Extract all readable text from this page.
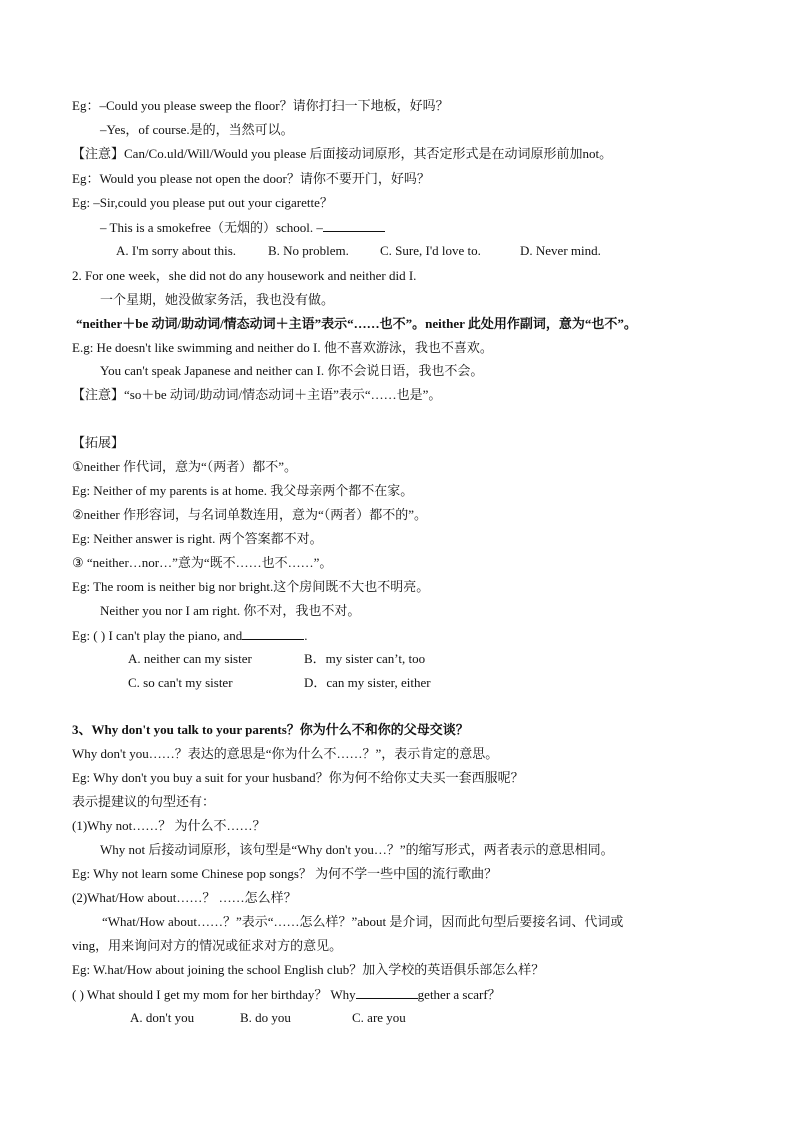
Eg：–Could you please sweep the floor？请你打扫一下地板，好吗？
–Yes，of course.是的，当然可以。
【注意】Can/Co.uld/Will/Would you please 后面接动词原形，其否定形式是在动词原形前加not。
Eg：Would you please not open the door？请你不要开门，好吗？
Eg: –Sir,could you please put out your cigarette？
– This is a smokefree（无烟的）school. –
A. I'm sorry about this. B. No problem. C. Sure, I'd love to.	D. Never mind.
2. For one week，she did not do any housework and neither did I.
一个星期，她没做家务活，我也没有做。
“neither＋be 动词/助动词/情态动词＋主语”表示“……也不”。neither 此处用作副词，意为“也不”。
E.g: He doesn't like swimming and neither do I. 他不喜欢游泳，我也不喜欢。
You can't speak Japanese and neither can I. 你不会说日语，我也不会。
【注意】“so＋be 动词/助动词/情态动词＋主语”表示“……也是”。
【拓展】
①neither 作代词，意为“（两者）都不”。
Eg: Neither of my parents is at home. 我父母亲两个都不在家。
②neither 作形容词，与名词单数连用，意为“（两者）都不的”。
Eg: Neither answer is right. 两个答案都不对。
③ “neither…nor…”意为“既不……也不……”。
Eg: The room is neither big nor bright.这个房间既不大也不明亮。
Neither you nor I am right. 你不对，我也不对。
Eg: ( ) I can't play the piano, and	.
A. neither can my sister	B．my sister can’t, too
C. so can't my sister	D．can my sister, either
3、Why don't you talk to your parents？你为什么不和你的父母交谈？
Why don't you……？表达的意思是“你为什么不……？”，表示肯定的意思。
Eg: Why don't you buy a suit for your husband？你为何不给你丈夫买一套西服呢？
表示提建议的句型还有：
(1)Why not……？ 为什么不……？
Why not 后接动词原形，该句型是“Why don't you…？”的缩写形式，两者表示的意思相同。
Eg: Why not learn some Chinese pop songs？ 为何不学一些中国的流行歌曲？
(2)What/How about……？ ……怎么样？
“What/How about……？”表示“……怎么样？”about 是介词，因而此句型后要接名词、代词或
ving，用来询问对方的情况或征求对方的意见。
Eg: W.hat/How about joining the school English club？加入学校的英语俱乐部怎么样？
( ) What should I get my mom for her birthday？ Why	gether a scarf？
A. don't you	B. do you	C. are you
